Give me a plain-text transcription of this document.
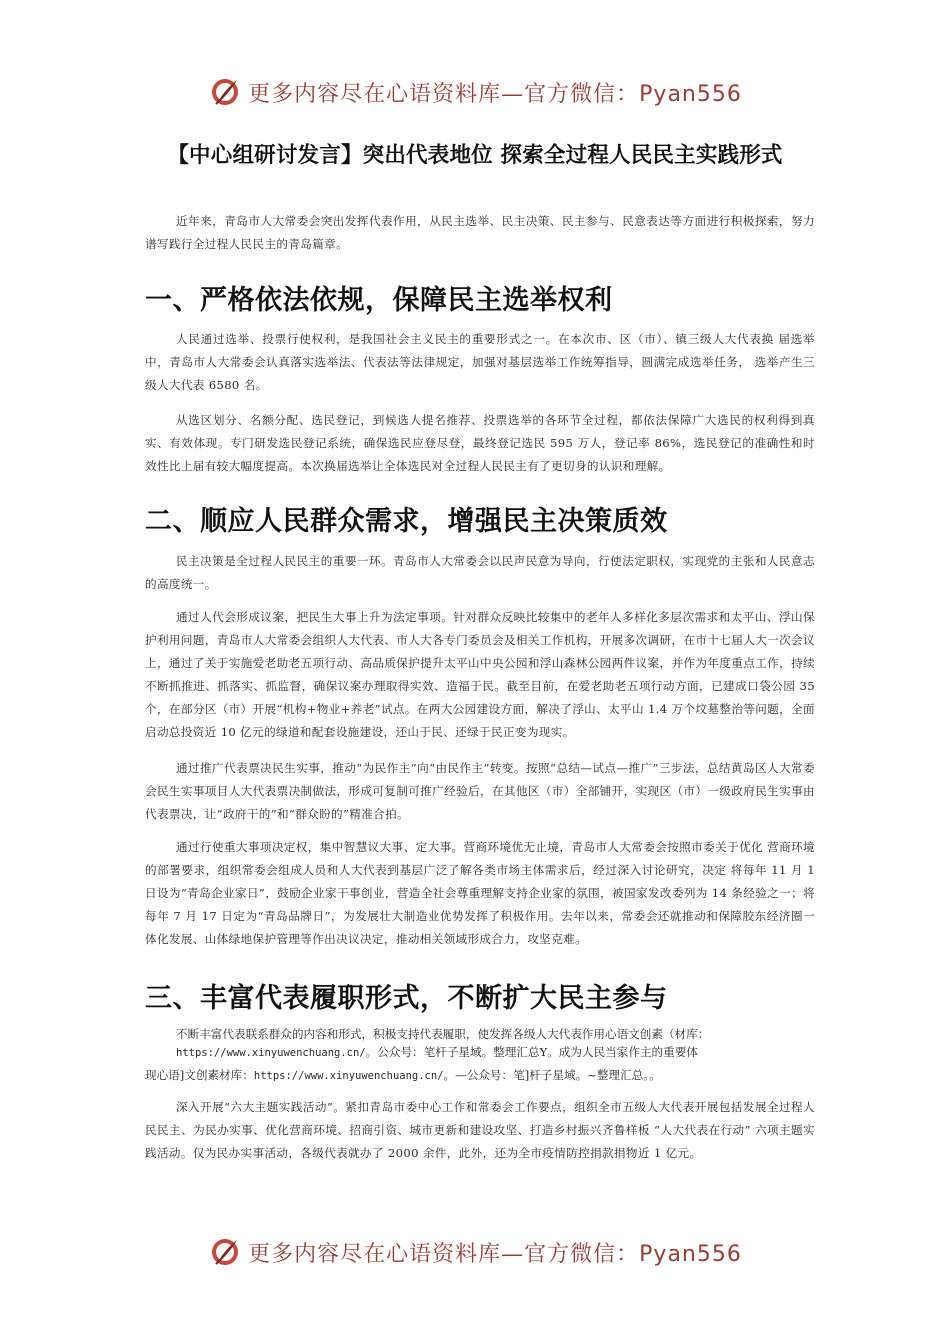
更多内容尽在心语资料库—官方微信：Pyan556
【中心组研讨发言】突出代表地位 探索全过程人民民主实践形式
近年来，青岛市人大常委会突出发挥代表作用，从民主选举、民主决策、民主参与、民意表达等方面进行积极探索，努力谱写践行全过程人民民主的青岛篇章。
一、严格依法依规，保障民主选举权利
人民通过选举、投票行使权利，是我国社会主义民主的重要形式之一。在本次市、区（市）、镇三级人大代表换 届选举中，青岛市人大常委会认真落实选举法、代表法等法律规定，加强对基层选举工作统筹指导，圆满完成选举任务， 选举产生三级人大代表 6580 名。
从选区划分、名额分配、选民登记，到候选人提名推荐、投票选举的各环节全过程，都依法保障广大选民的权利得到真实、有效体现。专门研发选民登记系统，确保选民应登尽登，最终登记选民 595 万人，登记率 86%，选民登记的准确性和时效性比上届有较大幅度提高。本次换届选举让全体选民对全过程人民民主有了更切身的认识和理解。
二、顺应人民群众需求，增强民主决策质效
民主决策是全过程人民民主的重要一环。青岛市人大常委会以民声民意为导向，行使法定职权，实现党的主张和人民意志的高度统一。
通过人代会形成议案，把民生大事上升为法定事项。针对群众反映比较集中的老年人多样化多层次需求和太平山、浮山保护利用问题，青岛市人大常委会组织人大代表、市人大各专门委员会及相关工作机构，开展多次调研，在市十七届人大一次会议上，通过了关于实施爱老助老五项行动、高品质保护提升太平山中央公园和浮山森林公园两件议案，并作为年度重点工作，持续不断抓推进、抓落实、抓监督，确保议案办理取得实效、造福于民。截至目前，在爱老助老五项行动方面，已建成口袋公园 35 个，在部分区（市）开展“机构+物业+养老”试点。在两大公园建设方面，解决了浮山、太平山 1.4 万个坟墓整治等问题，全面启动总投资近 10 亿元的绿道和配套设施建设，还山于民、还绿于民正变为现实。
通过推广代表票决民生实事，推动“为民作主”向“由民作主”转变。按照“总结—试点—推广”三步法，总结黄岛区人大常委会民生实事项目人大代表票决制做法，形成可复制可推广经验后，在其他区（市）全部铺开，实现区（市）一级政府民生实事由代表票决，让“政府干的”和“群众盼的”精准合拍。
通过行使重大事项决定权，集中智慧议大事、定大事。营商环境优无止境，青岛市人大常委会按照市委关于优化 营商环境的部署要求，组织常委会组成人员和人大代表到基层广泛了解各类市场主体需求后，经过深入讨论研究，决定 将每年 11 月 1 日设为“青岛企业家日”，鼓励企业家干事创业，营造全社会尊重理解支持企业家的氛围，被国家发改委列为 14 条经验之一；将每年 7 月 17 日定为“青岛品牌日”，为发展壮大制造业优势发挥了积极作用。去年以来，常委会还就推动和保障胶东经济圈一体化发展、山体绿地保护管理等作出决议决定，推动相关领域形成合力，攻坚克难。
三、丰富代表履职形式，不断扩大民主参与
不断丰富代表联系群众的内容和形式，积极支持代表履职，使发挥各级人大代表作用心语文创素（材库：
https://www.xinyuwenchuang.cn/。公众号：笔杆子星域。整理汇总Y。成为人民当家作主的重要体
现心语]文创素材库：https://www.xinyuwenchuang.cn/。—公众号：笔]杆子星域。~整理汇总。。
深入开展“六大主题实践活动”。紧扣青岛市委中心工作和常委会工作要点，组织全市五级人大代表开展包括发展全过程人民民主、为民办实事、优化营商环境、招商引资、城市更新和建设攻坚、打造乡村振兴齐鲁样板 “人大代表在行动” 六项主题实践活动。仅为民办实事活动，各级代表就办了 2000 余件，此外，还为全市疫情防控捐款捐物近 1 亿元。
更多内容尽在心语资料库—官方微信：Pyan556
